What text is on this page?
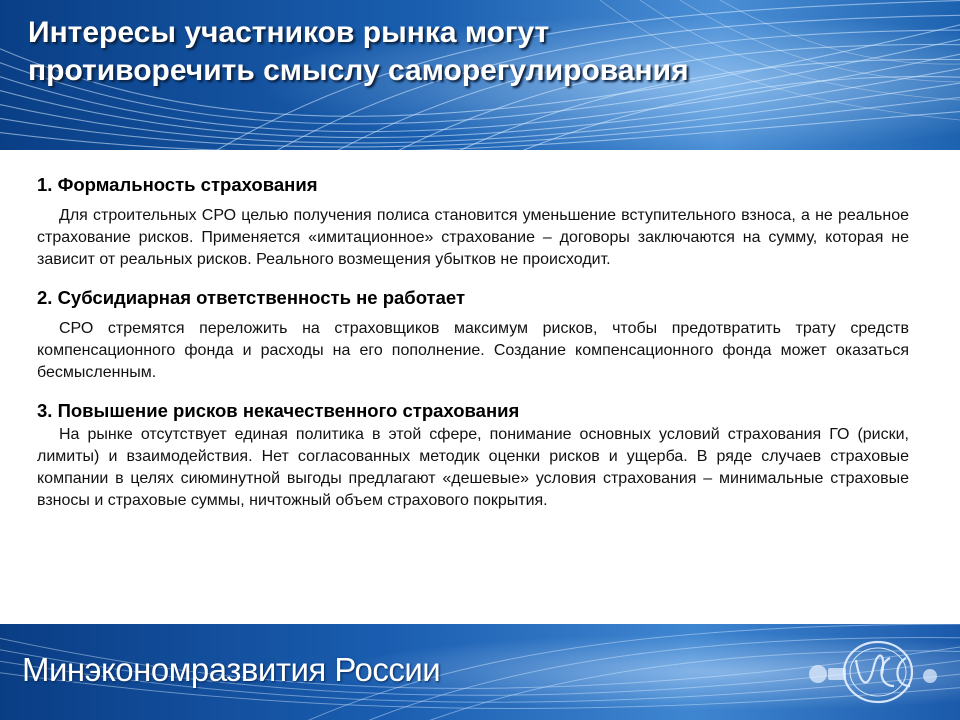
Интересы участников рынка могут
противоречить смыслу саморегулирования
1. Формальность страхования

Для строительных СРО целью получения полиса становится уменьшение вступительного взноса, а не реальное страхование рисков. Применяется «имитационное» страхование – договоры заключаются на сумму, которая не зависит от реальных рисков. Реального возмещения убытков не происходит.

2. Субсидиарная ответственность не работает

СРО стремятся переложить на страховщиков максимум рисков, чтобы предотвратить трату средств компенсационного фонда и расходы на его пополнение. Создание компенсационного фонда может оказаться бесмысленным.

3. Повышение рисков некачественного страхования

На рынке отсутствует единая политика в этой сфере, понимание основных условий страхования ГО (риски, лимиты) и взаимодействия. Нет согласованных методик оценки рисков и ущерба. В ряде случаев страховые компании в целях сиюминутной выгоды предлагают «дешевые» условия страхования – минимальные страховые взносы и страховые суммы, ничтожный объем страхового покрытия.

Минэкономразвития России
